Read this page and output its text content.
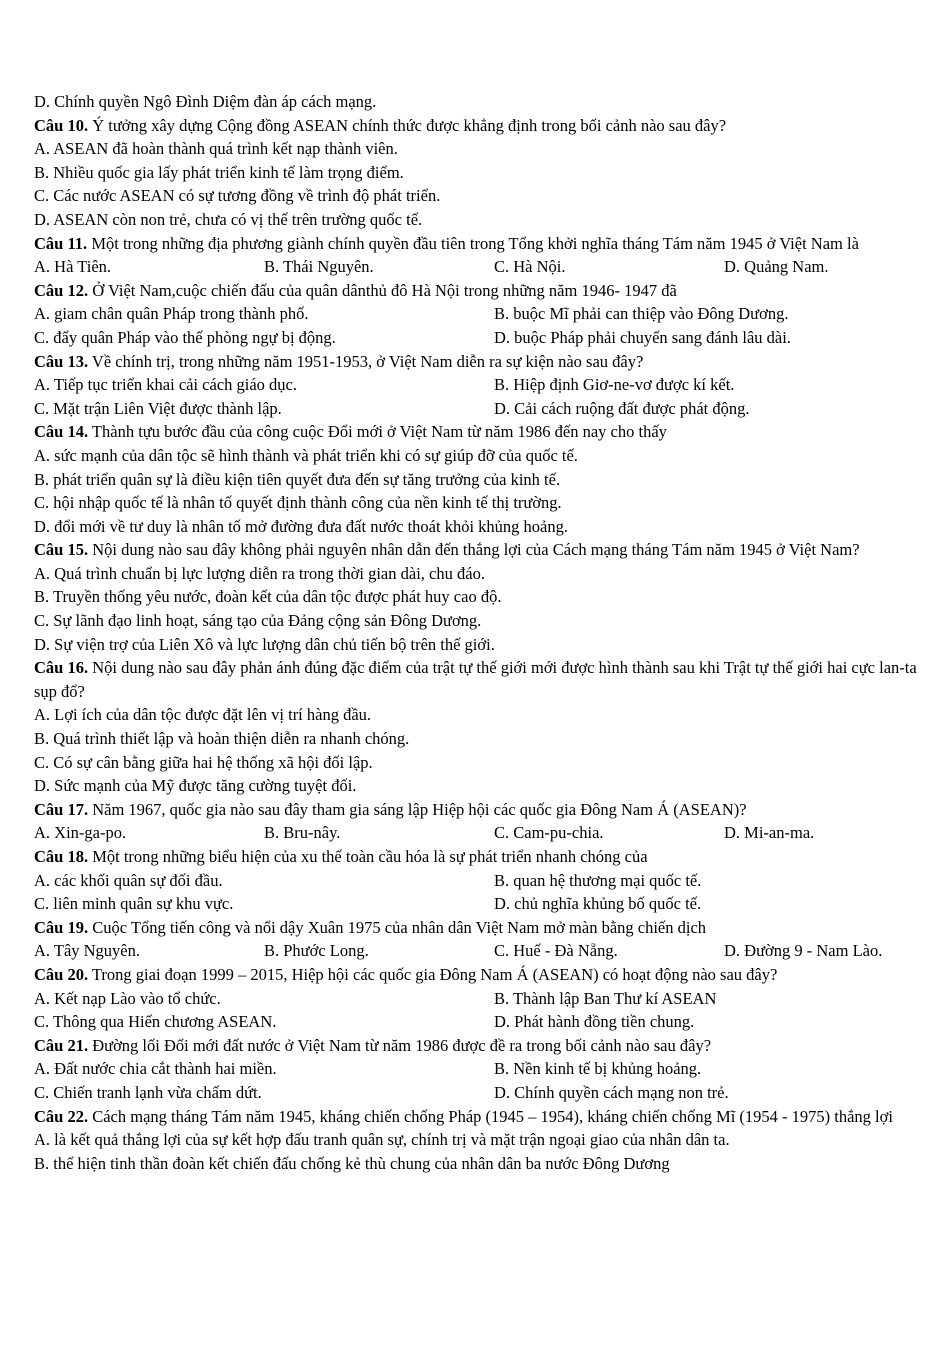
D. Chính quyền Ngô Đình Diệm đàn áp cách mạng.
Câu 10. Ý tưởng xây dựng Cộng đồng ASEAN chính thức được khẳng định trong bối cảnh nào sau đây?
A. ASEAN đã hoàn thành quá trình kết nạp thành viên.
B. Nhiều quốc gia lấy phát triển kinh tế làm trọng điểm.
C. Các nước ASEAN có sự tương đồng về trình độ phát triển.
D. ASEAN còn non trẻ, chưa có vị thế trên trường quốc tế.
Câu 11. Một trong những địa phương giành chính quyền đầu tiên trong Tổng khởi nghĩa tháng Tám năm 1945 ở Việt Nam là
A. Hà Tiên.	B. Thái Nguyên.	C. Hà Nội.	D. Quảng Nam.
Câu 12. Ở Việt Nam,cuộc chiến đấu của quân dânthủ đô Hà Nội trong những năm 1946- 1947 đã
A. giam chân quân Pháp trong thành phố.	B. buộc Mĩ phải can thiệp vào Đông Dương.
C. đẩy quân Pháp vào thế phòng ngự bị động.	D. buộc Pháp phải chuyển sang đánh lâu dài.
Câu 13. Về chính trị, trong những năm 1951-1953, ở Việt Nam diễn ra sự kiện nào sau đây?
A. Tiếp tục triển khai cải cách giáo dục.	B. Hiệp định Giơ-ne-vơ được kí kết.
C. Mặt trận Liên Việt được thành lập.	D. Cải cách ruộng đất được phát động.
Câu 14. Thành tựu bước đầu của công cuộc Đổi mới ở Việt Nam từ năm 1986 đến nay cho thấy
A. sức mạnh của dân tộc sẽ hình thành và phát triển khi có sự giúp đỡ của quốc tế.
B. phát triển quân sự là điều kiện tiên quyết đưa đến sự tăng trưởng của kinh tế.
C. hội nhập quốc tế là nhân tố quyết định thành công của nền kinh tế thị trường.
D. đổi mới về tư duy là nhân tố mở đường đưa đất nước thoát khỏi khủng hoảng.
Câu 15. Nội dung nào sau đây không phải nguyên nhân dẫn đến thắng lợi của Cách mạng tháng Tám năm 1945 ở Việt Nam?
A. Quá trình chuẩn bị lực lượng diễn ra trong thời gian dài, chu đáo.
B. Truyền thống yêu nước, đoàn kết của dân tộc được phát huy cao độ.
C. Sự lãnh đạo linh hoạt, sáng tạo của Đảng cộng sản Đông Dương.
D. Sự viện trợ của Liên Xô và lực lượng dân chủ tiến bộ trên thế giới.
Câu 16. Nội dung nào sau đây phản ánh đúng đặc điểm của trật tự thế giới mới được hình thành sau khi Trật tự thế giới hai cực lan-ta sụp đổ?
A. Lợi ích của dân tộc được đặt lên vị trí hàng đầu.
B. Quá trình thiết lập và hoàn thiện diễn ra nhanh chóng.
C. Có sự cân bằng giữa hai hệ thống xã hội đối lập.
D. Sức mạnh của Mỹ được tăng cường tuyệt đối.
Câu 17. Năm 1967, quốc gia nào sau đây tham gia sáng lập Hiệp hội các quốc gia Đông Nam Á (ASEAN)?
A. Xin-ga-po.	B. Bru-nây.	C. Cam-pu-chia.	D. Mi-an-ma.
Câu 18. Một trong những biểu hiện của xu thế toàn cầu hóa là sự phát triển nhanh chóng của
A. các khối quân sự đối đầu.	B. quan hệ thương mại quốc tế.
C. liên minh quân sự khu vực.	D. chủ nghĩa khủng bố quốc tế.
Câu 19. Cuộc Tổng tiến công và nổi dậy Xuân 1975 của nhân dân Việt Nam mở màn bằng chiến dịch
A. Tây Nguyên.	B. Phước Long.	C. Huế - Đà Nẵng.	D. Đường 9 - Nam Lào.
Câu 20. Trong giai đoạn 1999 – 2015, Hiệp hội các quốc gia Đông Nam Á (ASEAN) có hoạt động nào sau đây?
A. Kết nạp Lào vào tổ chức.	B. Thành lập Ban Thư kí ASEAN
C. Thông qua Hiến chương ASEAN.	D. Phát hành đồng tiền chung.
Câu 21. Đường lối Đổi mới đất nước ở Việt Nam từ năm 1986 được đề ra trong bối cảnh nào sau đây?
A. Đất nước chia cắt thành hai miền.	B. Nền kinh tế bị khủng hoảng.
C. Chiến tranh lạnh vừa chấm dứt.	D. Chính quyền cách mạng non trẻ.
Câu 22. Cách mạng tháng Tám năm 1945, kháng chiến chống Pháp (1945 – 1954), kháng chiến chống Mĩ (1954 - 1975) thắng lợi
A. là kết quả thắng lợi của sự kết hợp đấu tranh quân sự, chính trị và mặt trận ngoại giao của nhân dân ta.
B. thể hiện tinh thần đoàn kết chiến đấu chống kẻ thù chung của nhân dân ba nước Đông Dương
